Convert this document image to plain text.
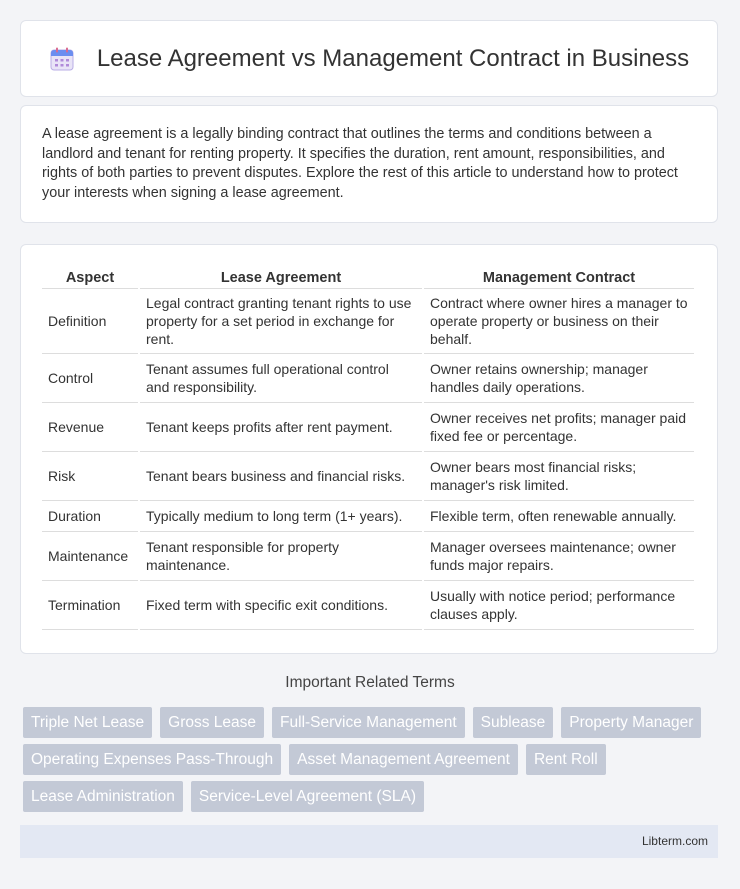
Lease Agreement vs Management Contract in Business

A lease agreement is a legally binding contract that outlines the terms and conditions between a landlord and tenant for renting property. It specifies the duration, rent amount, responsibilities, and rights of both parties to prevent disputes. Explore the rest of this article to understand how to protect your interests when signing a lease agreement.

Aspect	Lease Agreement	Management Contract
Definition	Legal contract granting tenant rights to use property for a set period in exchange for rent.	Contract where owner hires a manager to operate property or business on their behalf.
Control	Tenant assumes full operational control and responsibility.	Owner retains ownership; manager handles daily operations.
Revenue	Tenant keeps profits after rent payment.	Owner receives net profits; manager paid fixed fee or percentage.
Risk	Tenant bears business and financial risks.	Owner bears most financial risks; manager's risk limited.
Duration	Typically medium to long term (1+ years).	Flexible term, often renewable annually.
Maintenance	Tenant responsible for property maintenance.	Manager oversees maintenance; owner funds major repairs.
Termination	Fixed term with specific exit conditions.	Usually with notice period; performance clauses apply.
Important Related Terms
Triple Net Lease	Gross Lease	Full-Service Management	Sublease	Property Manager
Operating Expenses Pass-Through	Asset Management Agreement	Rent Roll
Lease Administration	Service-Level Agreement (SLA)
Libterm.com
